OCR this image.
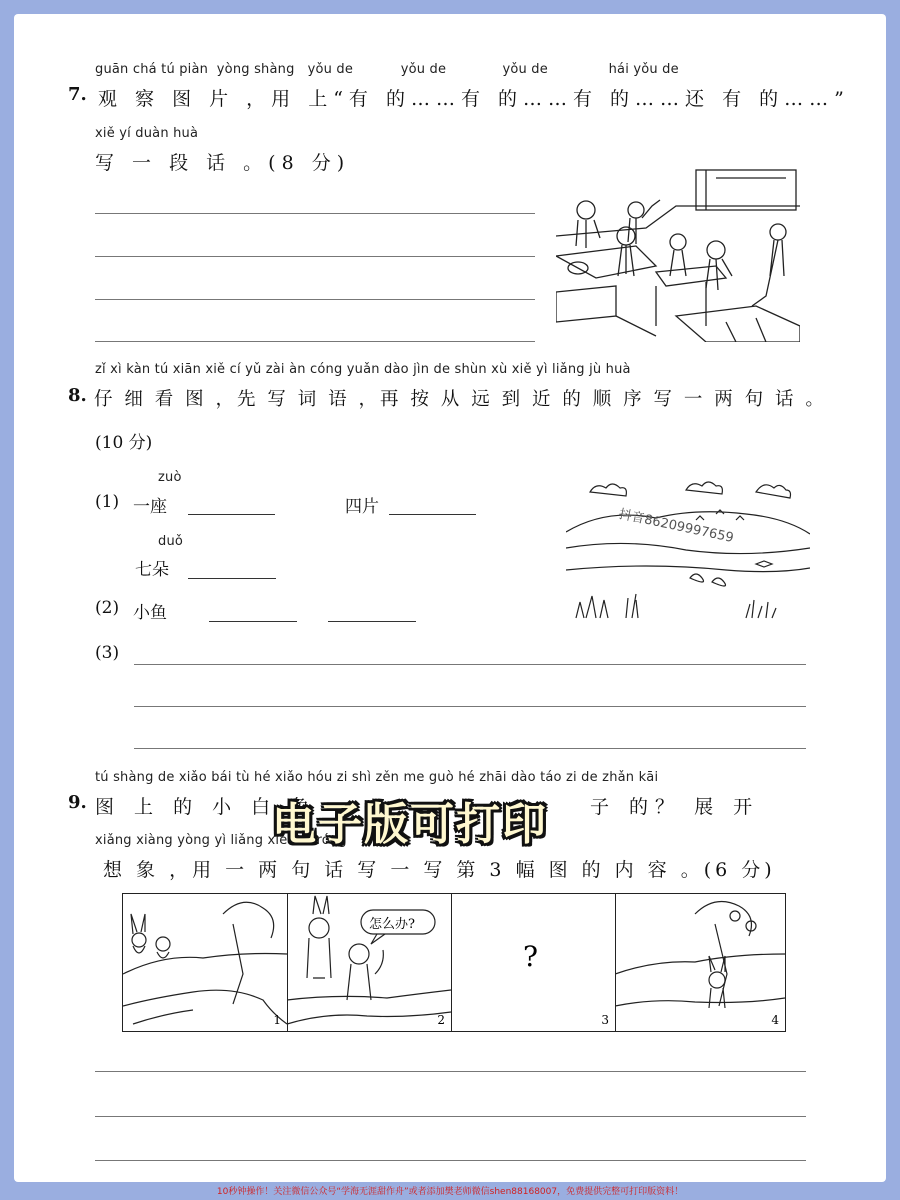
guān chá tú piàn yòng shàng yǒu de	yǒu de	yǒu de	hái yǒu de
7. 观 察 图 片 ，用 上“有 的……有 的……有 的……还 有 的……”
xiě yí duàn huà
写 一 段 话 。(8 分)
zǐ xì kàn tú xiān xiě cí yǔ zài àn cóng yuǎn dào jìn de shùn xù xiě yì liǎng jù huà
8. 仔 细 看 图 ，先 写 词 语 ，再 按 从 远 到 近 的 顺 序 写 一 两 句 话 。
(10 分)
zuò
(1) 一座	四片
duǒ
七朵
(2) 小鱼
(3)
抖音86209997659
tú shàng de xiǎo bái tù hé xiǎo hóu zi shì zěn me guò hé zhāi dào táo zi de zhǎn kāi
9. 图 上 的 小 白 兔	子 的？ 展 开
xiǎng xiàng yòng yì liǎng xiě nèi róng
想 象 ，用 一 两 句 话 写 一 写 第 3 幅 图 的 内 容 。(6 分)
1
怎么办?
2
?
3	4
电子版可打印
10秒钟操作！关注微信公众号“学海无涯甜作舟”或者添加樊老师微信shen88168007，免费提供完整可打印版资料！
